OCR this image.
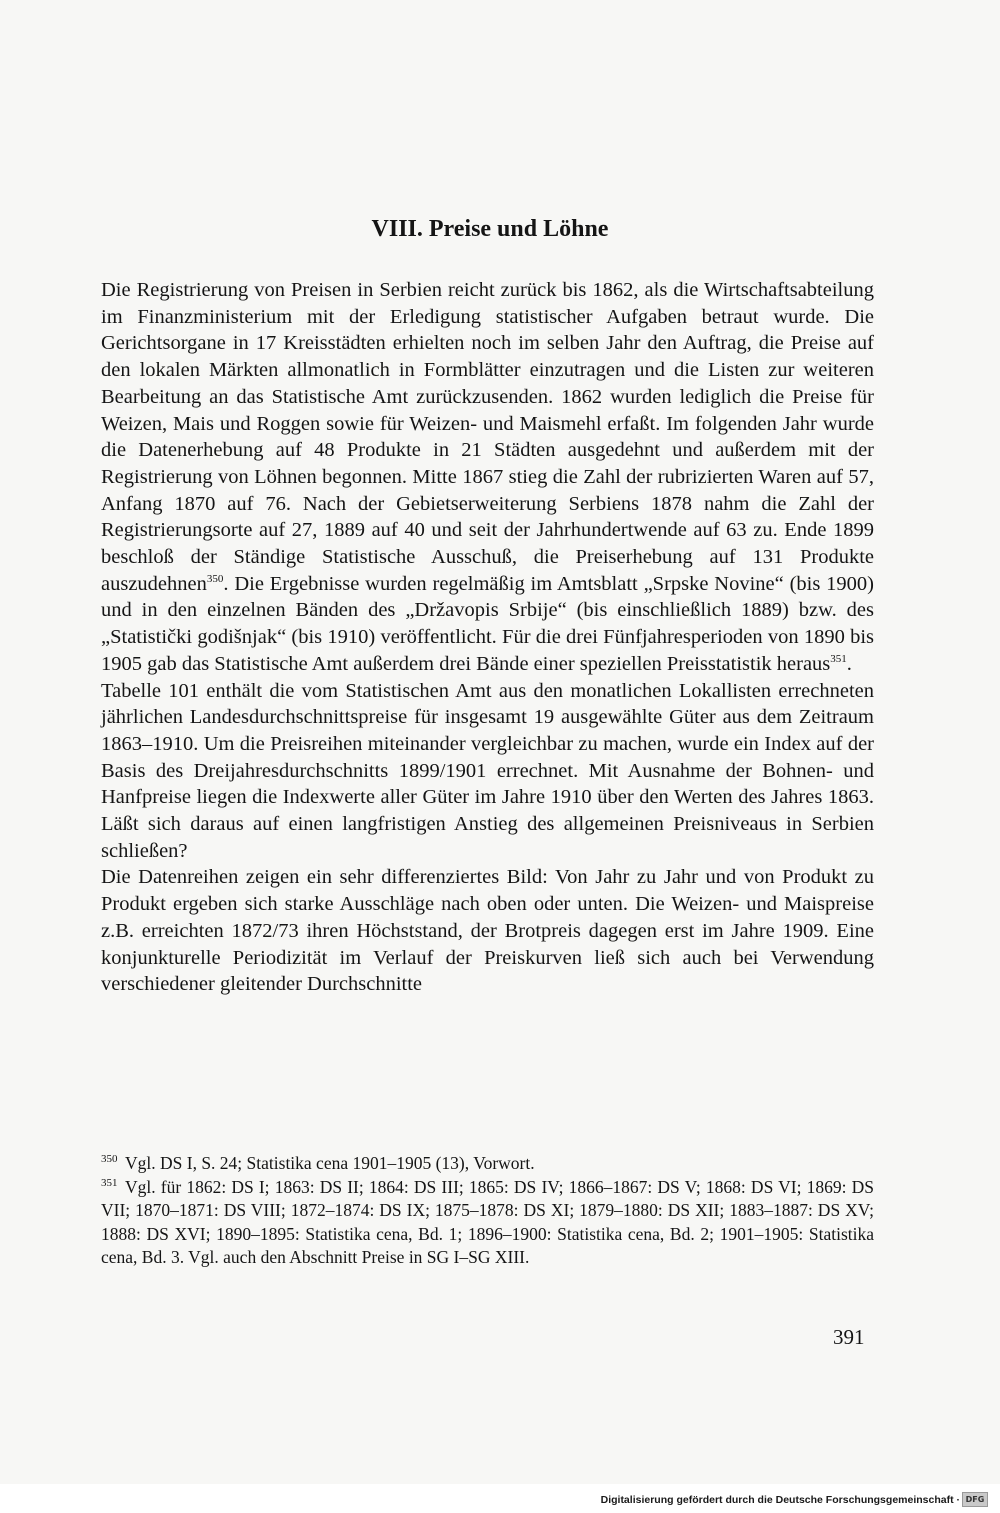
VIII. Preise und Löhne

Die Registrierung von Preisen in Serbien reicht zurück bis 1862, als die Wirtschaftsabteilung im Finanzministerium mit der Erledigung statistischer Aufgaben betraut wurde. Die Gerichtsorgane in 17 Kreisstädten erhielten noch im selben Jahr den Auftrag, die Preise auf den lokalen Märkten allmonatlich in Formblätter einzutragen und die Listen zur weiteren Bearbeitung an das Statistische Amt zurückzusenden. 1862 wurden lediglich die Preise für Weizen, Mais und Roggen sowie für Weizen- und Maismehl erfaßt. Im folgenden Jahr wurde die Datenerhebung auf 48 Produkte in 21 Städten ausgedehnt und außerdem mit der Registrierung von Löhnen begonnen. Mitte 1867 stieg die Zahl der rubrizierten Waren auf 57, Anfang 1870 auf 76. Nach der Gebietserweiterung Serbiens 1878 nahm die Zahl der Registrierungsorte auf 27, 1889 auf 40 und seit der Jahrhundertwende auf 63 zu. Ende 1899 beschloß der Ständige Statistische Ausschuß, die Preiserhebung auf 131 Produkte auszudehnen$^{350}$. Die Ergebnisse wurden regelmäßig im Amtsblatt „Srpske Novine“ (bis 1900) und in den einzelnen Bänden des „Državopis Srbije“ (bis einschließlich 1889) bzw. des „Statistički godišnjak“ (bis 1910) veröffentlicht. Für die drei Fünfjahresperioden von 1890 bis 1905 gab das Statistische Amt außerdem drei Bände einer speziellen Preisstatistik heraus$^{351}$.

Tabelle 101 enthält die vom Statistischen Amt aus den monatlichen Lokallisten errechneten jährlichen Landesdurchschnittspreise für insgesamt 19 ausgewählte Güter aus dem Zeitraum 1863–1910. Um die Preisreihen miteinander vergleichbar zu machen, wurde ein Index auf der Basis des Dreijahresdurchschnitts 1899/1901 errechnet. Mit Ausnahme der Bohnen- und Hanfpreise liegen die Indexwerte aller Güter im Jahre 1910 über den Werten des Jahres 1863. Läßt sich daraus auf einen langfristigen Anstieg des allgemeinen Preisniveaus in Serbien schließen?

Die Datenreihen zeigen ein sehr differenziertes Bild: Von Jahr zu Jahr und von Produkt zu Produkt ergeben sich starke Ausschläge nach oben oder unten. Die Weizen- und Maispreise z.B. erreichten 1872/73 ihren Höchststand, der Brotpreis dagegen erst im Jahre 1909. Eine konjunkturelle Periodizität im Verlauf der Preiskurven ließ sich auch bei Verwendung verschiedener gleitender Durchschnitte

350 Vgl. DS I, S. 24; Statistika cena 1901–1905 (13), Vorwort.

351 Vgl. für 1862: DS I; 1863: DS II; 1864: DS III; 1865: DS IV; 1866–1867: DS V; 1868: DS VI; 1869: DS VII; 1870–1871: DS VIII; 1872–1874: DS IX; 1875–1878: DS XI; 1879–1880: DS XII; 1883–1887: DS XV; 1888: DS XVI; 1890–1895: Statistika cena, Bd. 1; 1896–1900: Statistika cena, Bd. 2; 1901–1905: Statistika cena, Bd. 3. Vgl. auch den Abschnitt Preise in SG I–SG XIII.

391
Digitalisierung gefördert durch die Deutsche Forschungsgemeinschaft · DFG
